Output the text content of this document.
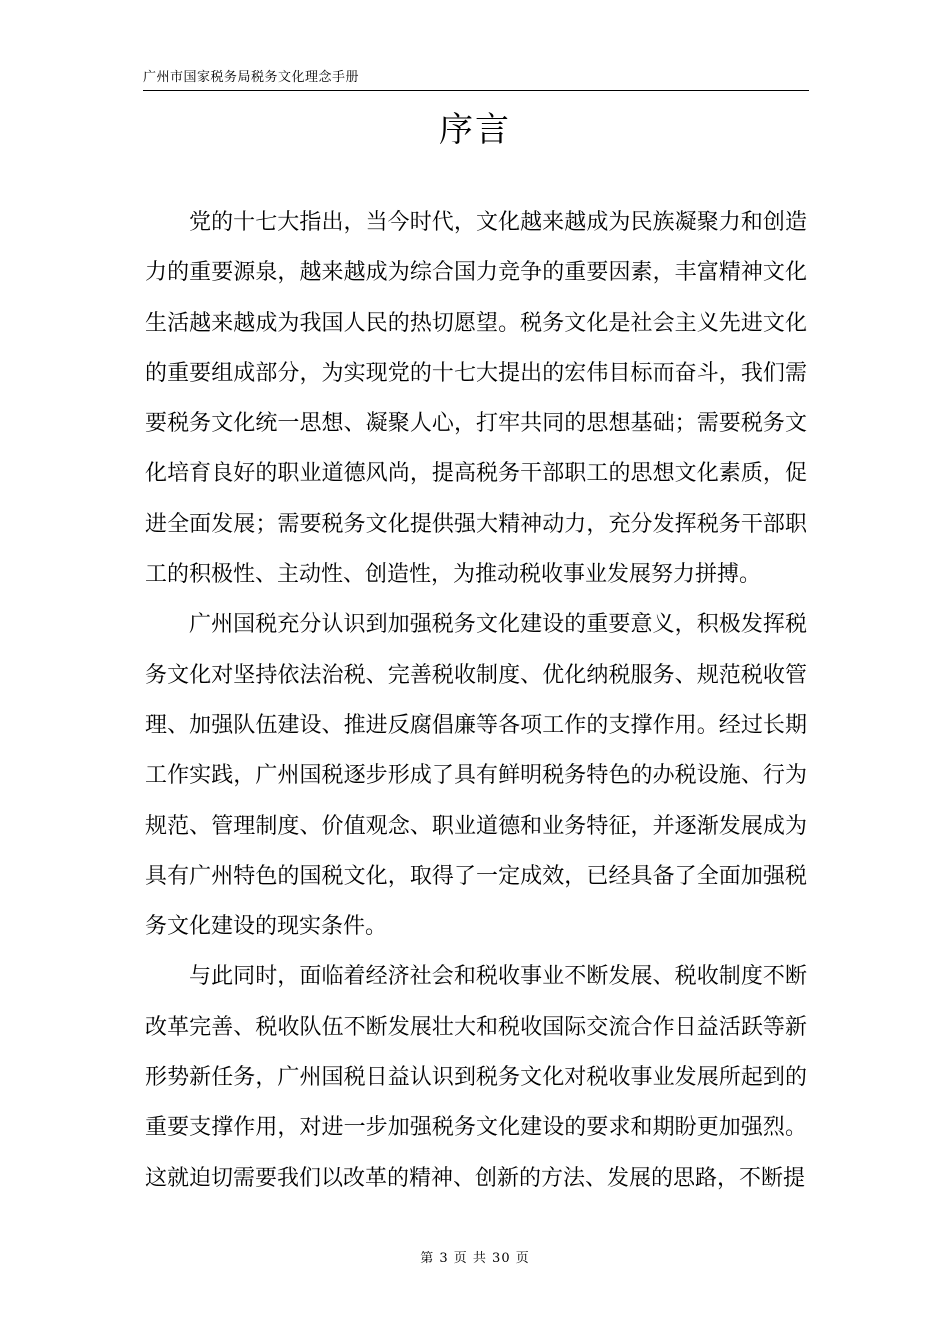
广州市国家税务局税务文化理念手册
序言

党的十七大指出，当今时代，文化越来越成为民族凝聚力和创造力的重要源泉，越来越成为综合国力竞争的重要因素，丰富精神文化生活越来越成为我国人民的热切愿望。税务文化是社会主义先进文化的重要组成部分，为实现党的十七大提出的宏伟目标而奋斗，我们需要税务文化统一思想、凝聚人心，打牢共同的思想基础；需要税务文化培育良好的职业道德风尚，提高税务干部职工的思想文化素质，促进全面发展；需要税务文化提供强大精神动力，充分发挥税务干部职工的积极性、主动性、创造性，为推动税收事业发展努力拼搏。

广州国税充分认识到加强税务文化建设的重要意义，积极发挥税务文化对坚持依法治税、完善税收制度、优化纳税服务、规范税收管理、加强队伍建设、推进反腐倡廉等各项工作的支撑作用。经过长期工作实践，广州国税逐步形成了具有鲜明税务特色的办税设施、行为规范、管理制度、价值观念、职业道德和业务特征，并逐渐发展成为具有广州特色的国税文化，取得了一定成效，已经具备了全面加强税务文化建设的现实条件。

与此同时，面临着经济社会和税收事业不断发展、税收制度不断改革完善、税收队伍不断发展壮大和税收国际交流合作日益活跃等新形势新任务，广州国税日益认识到税务文化对税收事业发展所起到的重要支撑作用，对进一步加强税务文化建设的要求和期盼更加强烈。这就迫切需要我们以改革的精神、创新的方法、发展的思路，不断提

第 3 页 共 30 页
